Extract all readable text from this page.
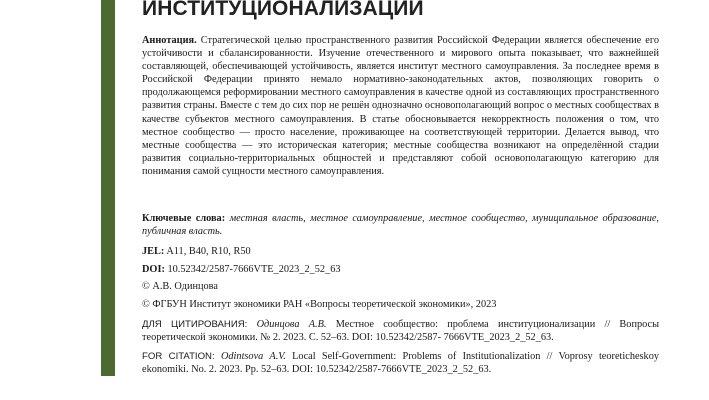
ИНСТИТУЦИОНАЛИЗАЦИИ

Аннотация. Стратегической целью пространственного развития Российской Федерации является обеспечение его устойчивости и сбалансированности. Изучение отечественного и мирового опыта показывает, что важнейшей составляющей, обеспечивающей устойчивость, является институт местного самоуправления. За последнее время в Российской Федерации принято немало нормативно-законодательных актов, позволяющих говорить о продолжающемся реформировании местного самоуправления в качестве одной из составляющих пространственного развития страны. Вместе с тем до сих пор не решён однозначно основополагающий вопрос о местных сообществах в качестве субъектов местного самоуправления. В статье обосновывается некорректность положения о том, что местное сообщество — просто население, проживающее на соответствующей территории. Делается вывод, что местные сообщества — это историческая категория; местные сообщества возникают на определённой стадии развития социально-территориальных общностей и представляют собой основополагающую категорию для понимания самой сущности местного самоуправления.

Ключевые слова: местная власть, местное самоуправление, местное сообщество, муниципальное образование, публичная власть.

JEL: A11, B40, R10, R50

DOI: 10.52342/2587-7666VTE_2023_2_52_63

© А.В. Одинцова

© ФГБУН Институт экономики РАН «Вопросы теоретической экономики», 2023

ДЛЯ ЦИТИРОВАНИЯ: Одинцова А.В. Местное сообщество: проблема институционализации // Вопросы теоретической экономики. № 2. 2023. С. 52–63. DOI: 10.52342/2587- 7666VTE_2023_2_52_63.

FOR CITATION: Odintsova A.V. Local Self-Government: Problems of Institutionalization // Voprosy teoreticheskoy ekonomiki. No. 2. 2023. Pp. 52–63. DOI: 10.52342/2587-7666VTE_2023_2_52_63.
